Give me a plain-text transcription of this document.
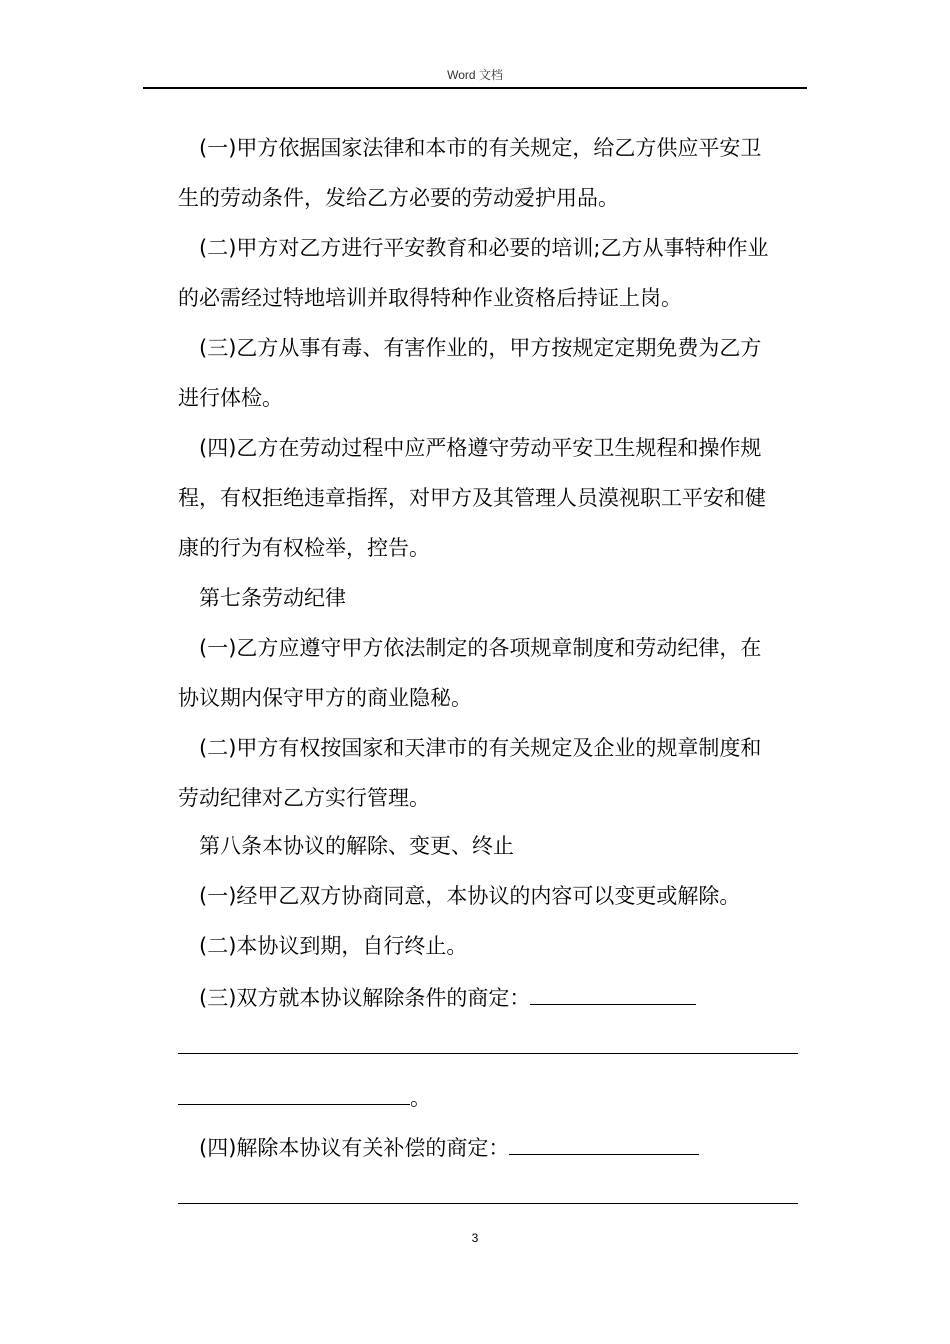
Word 文档
(一)甲方依据国家法律和本市的有关规定，给乙方供应平安卫
生的劳动条件，发给乙方必要的劳动爱护用品。
(二)甲方对乙方进行平安教育和必要的培训;乙方从事特种作业
的必需经过特地培训并取得特种作业资格后持证上岗。
(三)乙方从事有毒、有害作业的，甲方按规定定期免费为乙方
进行体检。
(四)乙方在劳动过程中应严格遵守劳动平安卫生规程和操作规
程，有权拒绝违章指挥，对甲方及其管理人员漠视职工平安和健
康的行为有权检举，控告。
第七条劳动纪律
(一)乙方应遵守甲方依法制定的各项规章制度和劳动纪律，在
协议期内保守甲方的商业隐秘。
(二)甲方有权按国家和天津市的有关规定及企业的规章制度和
劳动纪律对乙方实行管理。
第八条本协议的解除、变更、终止
(一)经甲乙双方协商同意，本协议的内容可以变更或解除。
(二)本协议到期，自行终止。
(三)双方就本协议解除条件的商定：
。
(四)解除本协议有关补偿的商定：
3
